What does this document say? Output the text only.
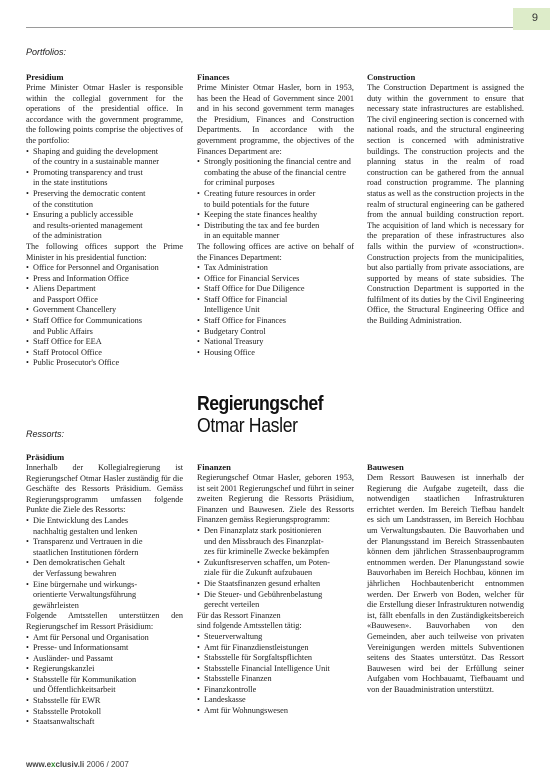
9
Portfolios:
Presidium

Prime Minister Otmar Hasler is responsible within the collegial government for the operations of the presidential office. In accordance with the government programme, the following points comprise the objectives of the portfolio:

• Shaping and guiding the development
of the country in a sustainable manner
• Promoting transparency and trust
in the state institutions
• Preserving the democratic content
of the constitution
• Ensuring a publicly accessible
and results-oriented management
of the administration

The following offices support the Prime Minister in his presidential function:

• Office for Personnel and Organisation
• Press and Information Office
• Aliens Department
and Passport Office
• Government Chancellery
• Staff Office for Communications
and Public Affairs
• Staff Office for EEA
• Staff Protocol Office
• Public Prosecutor's Office
Finances

Prime Minister Otmar Hasler, born in 1953, has been the Head of Government since 2001 and in his second government term manages the Presidium, Finances and Construction Departments. In accordance with the government programme, the objectives of the Finances Department are:

• Strongly positioning the financial centre and combating the abuse of the financial centre for criminal purposes
• Creating future resources in order
to build potentials for the future
• Keeping the state finances healthy
• Distributing the tax and fee burden
in an equitable manner

The following offices are active on behalf of the Finances Department:

• Tax Administration
• Office for Financial Services
• Staff Office for Due Diligence
• Staff Office for Financial
Intelligence Unit
• Staff Office for Finances
• Budgetary Control
• National Treasury
• Housing Office
Construction

The Construction Department is assigned the duty within the government to ensure that necessary state infrastructures are established. The civil engineering section is concerned with national roads, and the structural engineering section is concerned with administrative buildings. The construction projects and the planning status in the realm of road construction can be gathered from the annual road construction programme. The planning status as well as the construction projects in the realm of structural engineering can be gathered from the annual building construction report. The acquisition of land which is necessary for the preparation of these infrastructures also falls within the purview of «construction». Construction projects from the municipalities, but also partially from private associations, are supported by means of state subsidies. The Construction Department is supported in the fulfilment of its duties by the Civil Engineering Office, the Structural Engineering Office and the Building Administration.

Regierungschef
Otmar Hasler
Ressorts:
Präsidium

Innerhalb der Kollegialregierung ist Regierungschef Otmar Hasler zuständig für die Geschäfte des Ressorts Präsidium. Gemäss Regierungsprogramm umfassen folgende Punkte die Ziele des Ressorts:

• Die Entwicklung des Landes
nachhaltig gestalten und lenken
• Transparenz und Vertrauen in die
staatlichen Institutionen fördern
• Den demokratischen Gehalt
der Verfassung bewahren
• Eine bürgernahe und wirkungs-
orientierte Verwaltungsführung
gewährleisten

Folgende Amtsstellen unterstützen den Regierungschef im Ressort Präsidium:

• Amt für Personal und Organisation
• Presse- und Informationsamt
• Ausländer- und Passamt
• Regierungskanzlei
• Stabsstelle für Kommunikation
und Öffentlichkeitsarbeit
• Stabsstelle für EWR
• Stabsstelle Protokoll
• Staatsanwaltschaft
Finanzen

Regierungschef Otmar Hasler, geboren 1953, ist seit 2001 Regierungschef und führt in seiner zweiten Regierung die Ressorts Präsidium, Finanzen und Bauwesen. Ziele des Ressorts Finanzen gemäss Regierungsprogramm:

• Den Finanzplatz stark positionieren
und den Missbrauch des Finanzplat-
zes für kriminelle Zwecke bekämpfen
• Zukunftsreserven schaffen, um Poten-
ziale für die Zukunft aufzubauen
• Die Staatsfinanzen gesund erhalten
• Die Steuer- und Gebührenbelastung
gerecht verteilen

Für das Ressort Finanzen
sind folgende Amtsstellen tätig:

• Steuerverwaltung
• Amt für Finanzdienstleistungen
• Stabsstelle für Sorgfaltspflichten
• Stabsstelle Financial Intelligence Unit
• Stabsstelle Finanzen
• Finanzkontrolle
• Landeskasse
• Amt für Wohnungswesen
Bauwesen

Dem Ressort Bauwesen ist innerhalb der Regierung die Aufgabe zugeteilt, dass die notwendigen staatlichen Infrastrukturen errichtet werden. Im Bereich Tiefbau handelt es sich um Landstrassen, im Bereich Hochbau um Verwaltungsbauten. Die Bauvorhaben und der Planungsstand im Bereich Strassenbauten können dem jährlichen Strassenbauprogramm entnommen werden. Der Planungsstand sowie Bauvorhaben im Bereich Hochbau, können im jährlichen Hochbautenbericht entnommen werden. Der Erwerb von Boden, welcher für die Erstellung dieser Infrastrukturen notwendig ist, fällt ebenfalls in den Zuständigkeitsbereich «Bauwesen». Bauvorhaben von den Gemeinden, aber auch teilweise von privaten Vereinigungen werden mittels Subventionen seitens des Staates unterstützt. Das Ressort Bauwesen wird bei der Erfüllung seiner Aufgaben vom Hochbauamt, Tiefbauamt und von der Bauadministration unterstützt.

www.exclusiv.li 2006 / 2007
